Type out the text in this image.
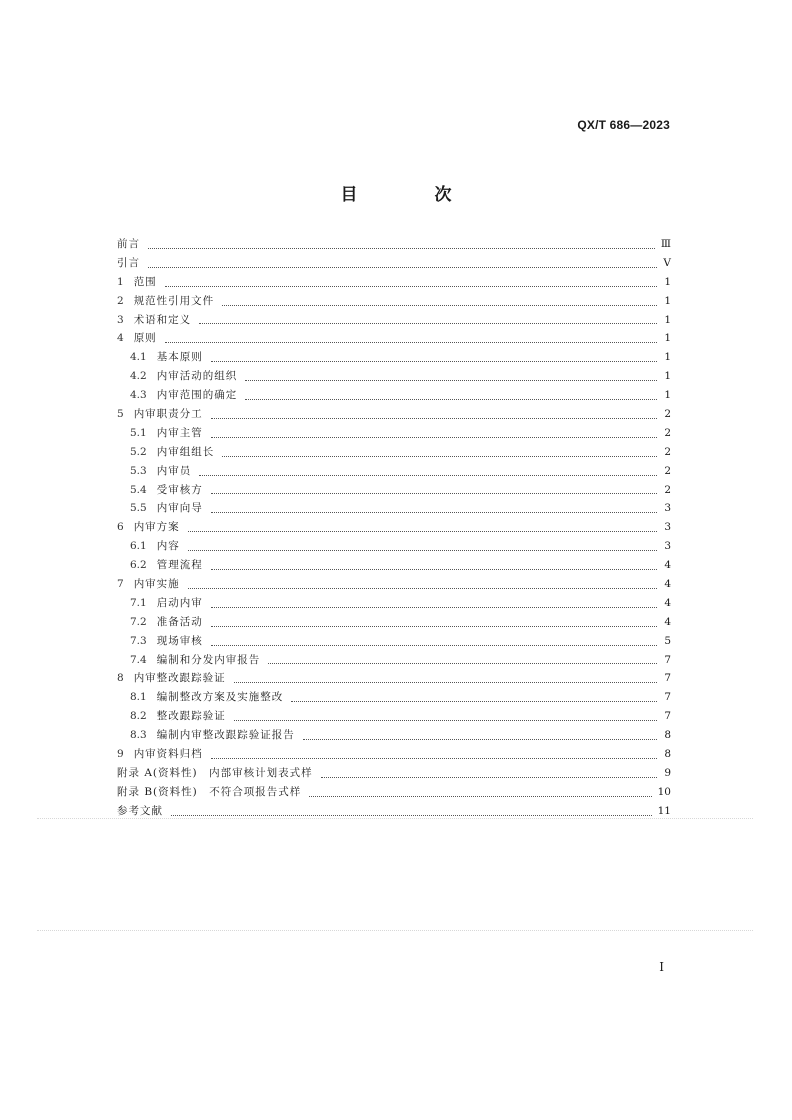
QX/T 686—2023
目　次
前言	Ⅲ
引言	Ⅴ
1 范围	1
2 规范性引用文件	1
3 术语和定义	1
4 原则	1
4.1 基本原则	1
4.2 内审活动的组织	1
4.3 内审范围的确定	1
5 内审职责分工	2
5.1 内审主管	2
5.2 内审组组长	2
5.3 内审员	2
5.4 受审核方	2
5.5 内审向导	3
6 内审方案	3
6.1 内容	3
6.2 管理流程	4
7 内审实施	4
7.1 启动内审	4
7.2 准备活动	4
7.3 现场审核	5
7.4 编制和分发内审报告	7
8 内审整改跟踪验证	7
8.1 编制整改方案及实施整改	7
8.2 整改跟踪验证	7
8.3 编制内审整改跟踪验证报告	8
9 内审资料归档	8
附录 A(资料性)　内部审核计划表式样	9
附录 B(资料性)　不符合项报告式样	10
参考文献	11
I
